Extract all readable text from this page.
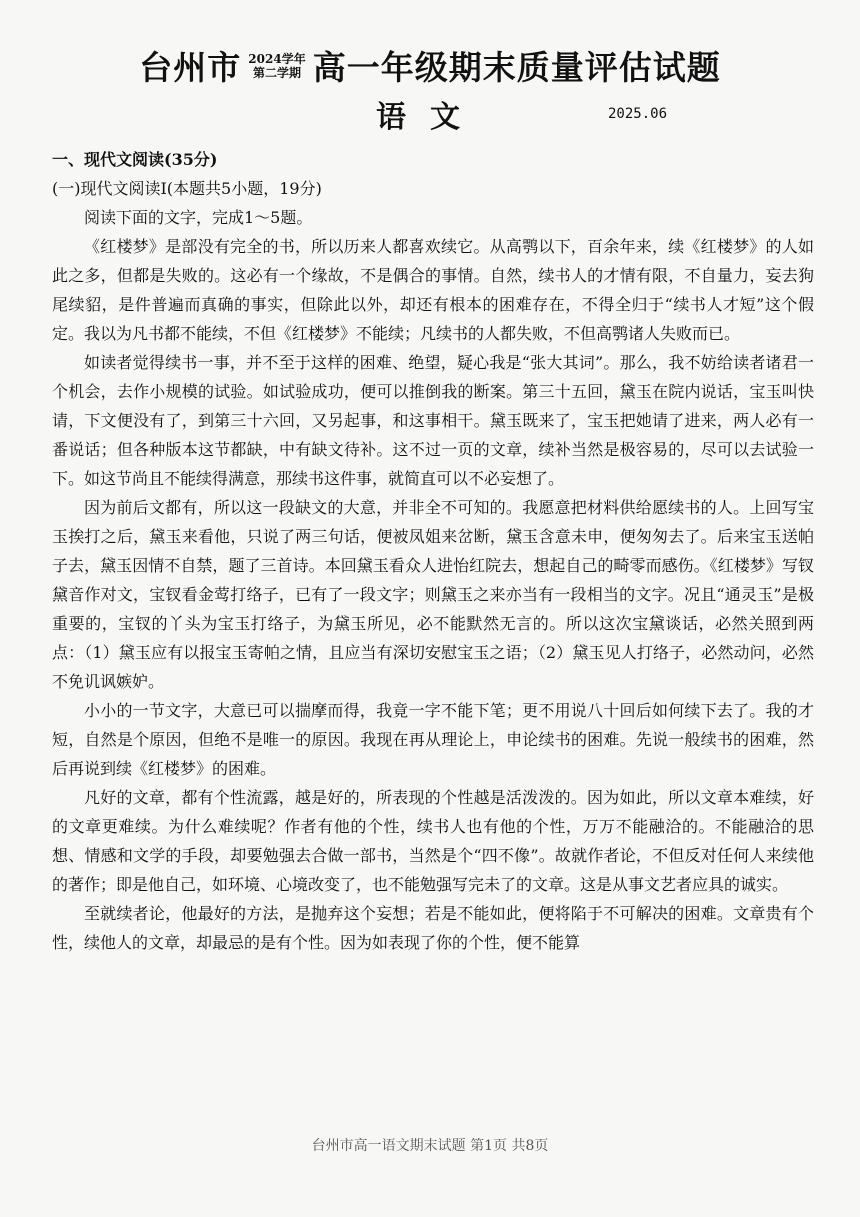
台州市 2024学年
第二学期 高一年级期末质量评估试题
语文	2025.06

一、现代文阅读(35分)

(一)现代文阅读Ⅰ(本题共5小题，19分)

阅读下面的文字，完成1～5题。

《红楼梦》是部没有完全的书，所以历来人都喜欢续它。从高鹗以下，百余年来，续《红楼梦》的人如此之多，但都是失败的。这必有一个缘故，不是偶合的事情。自然，续书人的才情有限，不自量力，妄去狗尾续貂，是件普遍而真确的事实，但除此以外，却还有根本的困难存在，不得全归于“续书人才短”这个假定。我以为凡书都不能续，不但《红楼梦》不能续；凡续书的人都失败，不但高鹗诸人失败而已。

如读者觉得续书一事，并不至于这样的困难、绝望，疑心我是“张大其词”。那么，我不妨给读者诸君一个机会，去作小规模的试验。如试验成功，便可以推倒我的断案。第三十五回，黛玉在院内说话，宝玉叫快请，下文便没有了，到第三十六回，又另起事，和这事相干。黛玉既来了，宝玉把她请了进来，两人必有一番说话；但各种版本这节都缺，中有缺文待补。这不过一页的文章，续补当然是极容易的，尽可以去试验一下。如这节尚且不能续得满意，那续书这件事，就简直可以不必妄想了。

因为前后文都有，所以这一段缺文的大意，并非全不可知的。我愿意把材料供给愿续书的人。上回写宝玉挨打之后，黛玉来看他，只说了两三句话，便被凤姐来岔断，黛玉含意未申，便匆匆去了。后来宝玉送帕子去，黛玉因情不自禁，题了三首诗。本回黛玉看众人进怡红院去，想起自己的畸零而感伤。《红楼梦》写钗黛音作对文，宝钗看金莺打络子，已有了一段文字；则黛玉之来亦当有一段相当的文字。况且“通灵玉”是极重要的，宝钗的丫头为宝玉打络子，为黛玉所见，必不能默然无言的。所以这次宝黛谈话，必然关照到两点：（1）黛玉应有以报宝玉寄帕之情，且应当有深切安慰宝玉之语；（2）黛玉见人打络子，必然动问，必然不免讥讽嫉妒。

小小的一节文字，大意已可以揣摩而得，我竟一字不能下笔；更不用说八十回后如何续下去了。我的才短，自然是个原因，但绝不是唯一的原因。我现在再从理论上，申论续书的困难。先说一般续书的困难，然后再说到续《红楼梦》的困难。

凡好的文章，都有个性流露，越是好的，所表现的个性越是活泼泼的。因为如此，所以文章本难续，好的文章更难续。为什么难续呢？作者有他的个性，续书人也有他的个性，万万不能融洽的。不能融洽的思想、情感和文学的手段，却要勉强去合做一部书，当然是个“四不像”。故就作者论，不但反对任何人来续他的著作；即是他自己，如环境、心境改变了，也不能勉强写完未了的文章。这是从事文艺者应具的诚实。

至就续者论，他最好的方法，是抛弃这个妄想；若是不能如此，便将陷于不可解决的困难。文章贵有个性，续他人的文章，却最忌的是有个性。因为如表现了你的个性，便不能算

台州市高一语文期末试题 第1页 共8页
